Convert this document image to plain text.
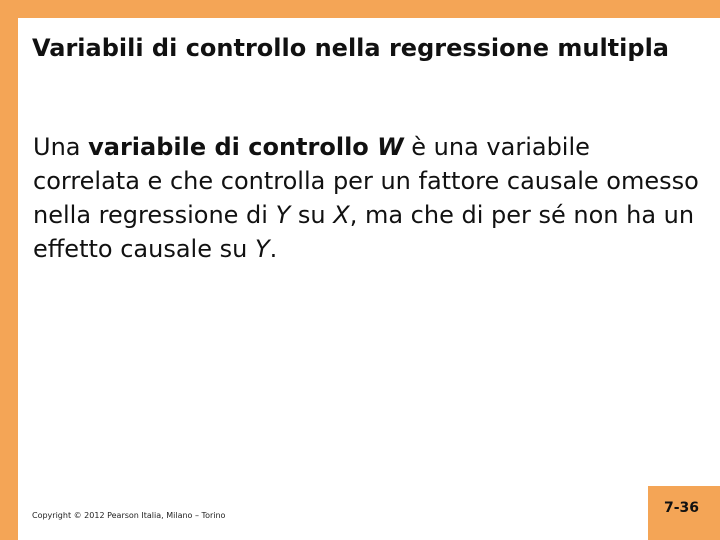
Variabili di controllo nella regressione multipla

Una variabile di controllo W è una variabile correlata e che controlla per un fattore causale omesso nella regressione di Y su X, ma che di per sé non ha un effetto causale su Y.

Copyright © 2012 Pearson Italia, Milano – Torino	7-36
